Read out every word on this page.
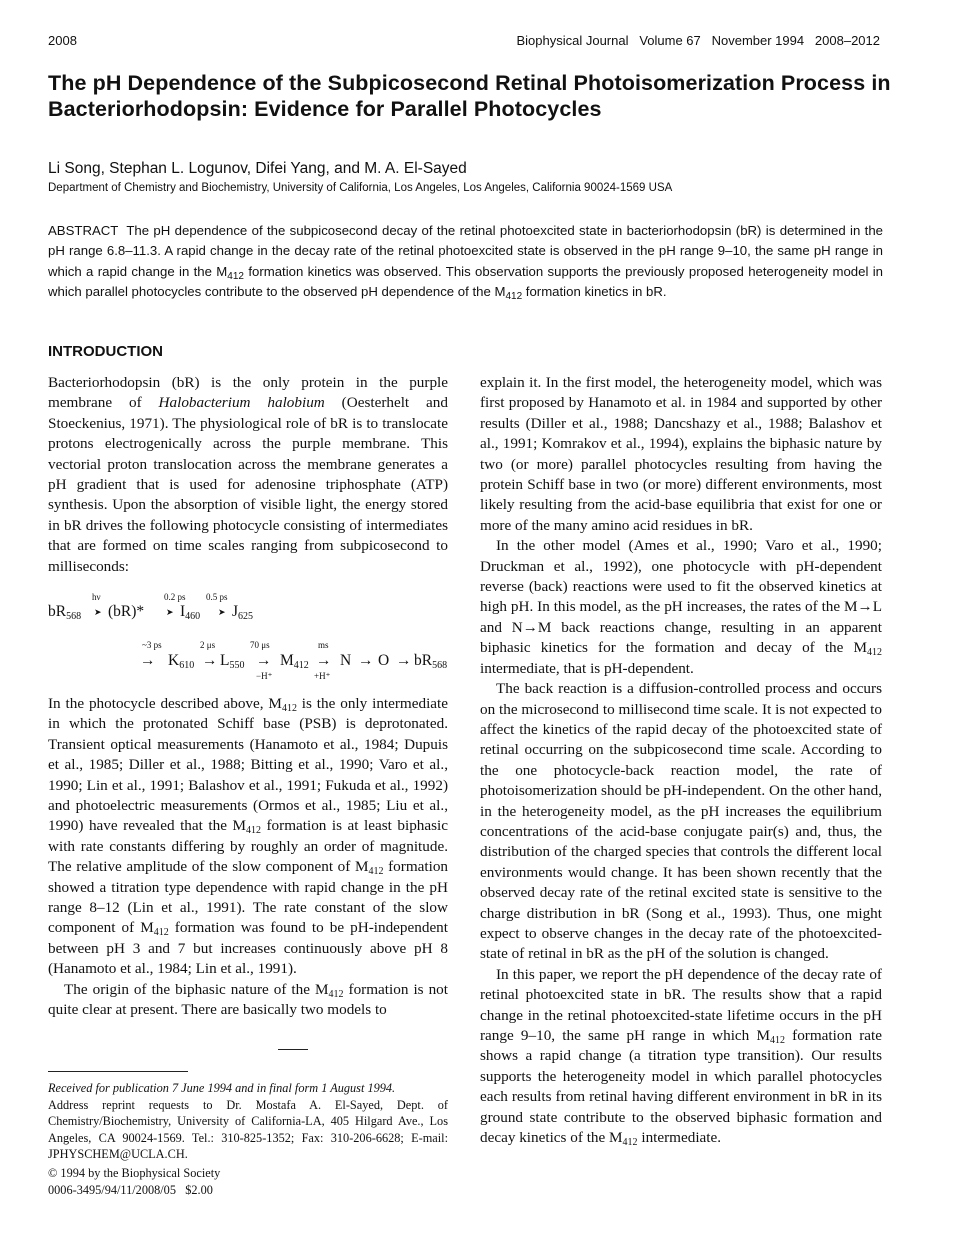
2008	Biophysical Journal   Volume 67   November 1994   2008–2012
The pH Dependence of the Subpicosecond Retinal Photoisomerization Process in Bacteriorhodopsin: Evidence for Parallel Photocycles
Li Song, Stephan L. Logunov, Difei Yang, and M. A. El-Sayed
Department of Chemistry and Biochemistry, University of California, Los Angeles, Los Angeles, California 90024-1569 USA
ABSTRACT The pH dependence of the subpicosecond decay of the retinal photoexcited state in bacteriorhodopsin (bR) is determined in the pH range 6.8–11.3. A rapid change in the decay rate of the retinal photoexcited state is observed in the pH range 9–10, the same pH range in which a rapid change in the $M_{412}$ formation kinetics was observed. This observation supports the previously proposed heterogeneity model in which parallel photocycles contribute to the observed pH dependence of the $M_{412}$ formation kinetics in bR.
INTRODUCTION

Bacteriorhodopsin (bR) is the only protein in the purple membrane of Halobacterium halobium (Oesterhelt and Stoeckenius, 1971). The physiological role of bR is to translocate protons electrogenically across the purple membrane. This vectorial proton translocation across the membrane generates a pH gradient that is used for adenosine triphosphate (ATP) synthesis. Upon the absorption of visible light, the energy stored in bR drives the following photocycle consisting of intermediates that are formed on time scales ranging from subpicosecond to milliseconds:

hν	0.2 ps 0.5 ps
$bR_{568}$ ➤ (bR)* ➤ $I_{460}$ ➤ $J_{625}$
~3 ps	2 μs	70 μs	ms
→ $K_{610} \to L_{550}$ →
−H⁺
$M_{412}$ →
+H⁺
$N \to O \to bR_{568}$

In the photocycle described above, $M_{412}$ is the only intermediate in which the protonated Schiff base (PSB) is deprotonated. Transient optical measurements (Hanamoto et al., 1984; Dupuis et al., 1985; Diller et al., 1988; Bitting et al., 1990; Varo et al., 1990; Lin et al., 1991; Balashov et al., 1991; Fukuda et al., 1992) and photoelectric measurements (Ormos et al., 1985; Liu et al., 1990) have revealed that the $M_{412}$ formation is at least biphasic with rate constants differing by roughly an order of magnitude. The relative amplitude of the slow component of $M_{412}$ formation showed a titration type dependence with rapid change in the pH range 8–12 (Lin et al., 1991). The rate constant of the slow component of $M_{412}$ formation was found to be pH-independent between pH 3 and 7 but increases continuously above pH 8 (Hanamoto et al., 1984; Lin et al., 1991).

The origin of the biphasic nature of the $M_{412}$ formation is not quite clear at present. There are basically two models to

explain it. In the first model, the heterogeneity model, which was first proposed by Hanamoto et al. in 1984 and supported by other results (Diller et al., 1988; Dancshazy et al., 1988; Balashov et al., 1991; Komrakov et al., 1994), explains the biphasic nature by two (or more) parallel photocycles resulting from having the protein Schiff base in two (or more) different environments, most likely resulting from the acid-base equilibria that exist for one or more of the many amino acid residues in bR.

In the other model (Ames et al., 1990; Varo et al., 1990; Druckman et al., 1992), one photocycle with pH-dependent reverse (back) reactions were used to fit the observed kinetics at high pH. In this model, as the pH increases, the rates of the M→L and N→M back reactions change, resulting in an apparent biphasic kinetics for the formation and decay of the $M_{412}$ intermediate, that is pH-dependent.

The back reaction is a diffusion-controlled process and occurs on the microsecond to millisecond time scale. It is not expected to affect the kinetics of the rapid decay of the photoexcited state of retinal occurring on the subpicosecond time scale. According to the one photocycle-back reaction model, the rate of photoisomerization should be pH-independent. On the other hand, in the heterogeneity model, as the pH increases the equilibrium concentrations of the acid-base conjugate pair(s) and, thus, the distribution of the charged species that controls the different local environments would change. It has been shown recently that the observed decay rate of the retinal excited state is sensitive to the charge distribution in bR (Song et al., 1993). Thus, one might expect to observe changes in the decay rate of the photoexcited-state of retinal in bR as the pH of the solution is changed.

In this paper, we report the pH dependence of the decay rate of retinal photoexcited state in bR. The results show that a rapid change in the retinal photoexcited-state lifetime occurs in the pH range 9–10, the same pH range in which $M_{412}$ formation rate shows a rapid change (a titration type transition). Our results supports the heterogeneity model in which parallel photocycles each results from retinal having different environment in bR in its ground state contribute to the observed biphasic formation and decay kinetics of the $M_{412}$ intermediate.

Received for publication 7 June 1994 and in final form 1 August 1994.

Address reprint requests to Dr. Mostafa A. El-Sayed, Dept. of Chemistry/Biochemistry, University of California-LA, 405 Hilgard Ave., Los Angeles, CA 90024-1569. Tel.: 310-825-1352; Fax: 310-206-6628; E-mail: JPHYSCHEM@UCLA.CH.

© 1994 by the Biophysical Society

0006-3495/94/11/2008/05   $2.00
